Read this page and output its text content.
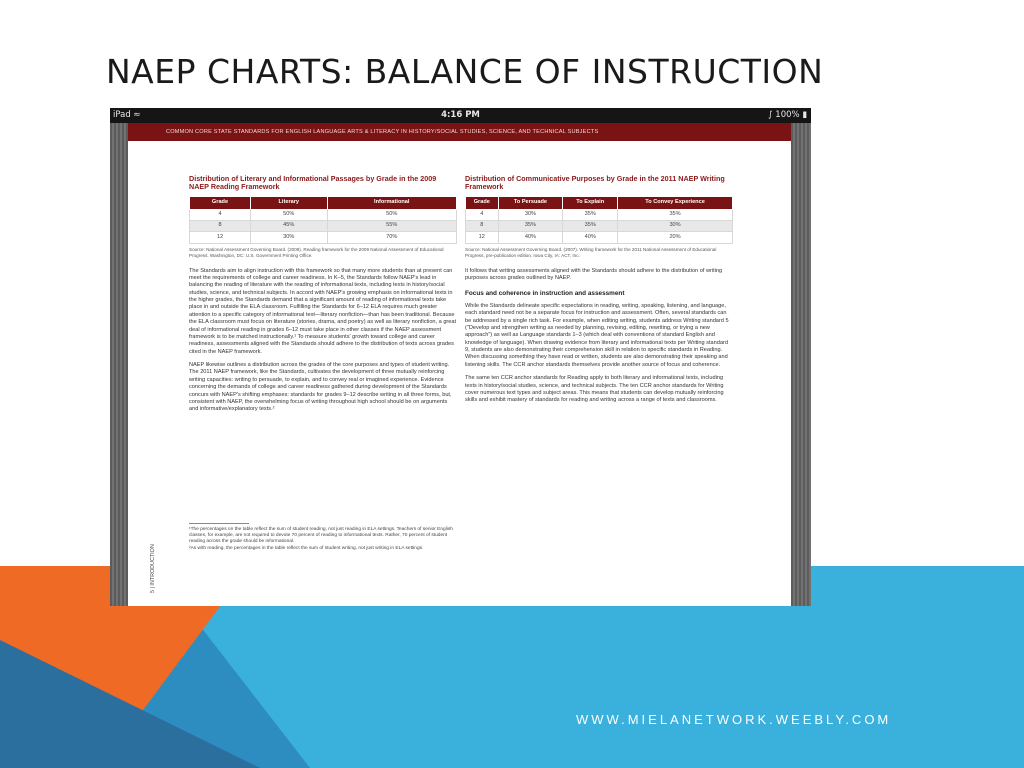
NAEP CHARTS: BALANCE OF INSTRUCTION
iPad ≈	4:16 PM	∫ 100% ▮
COMMON CORE STATE STANDARDS FOR ENGLISH LANGUAGE ARTS & LITERACY IN HISTORY/SOCIAL STUDIES, SCIENCE, AND TECHNICAL SUBJECTS
Distribution of Literary and Informational Passages by Grade in the 2009 NAEP Reading Framework
Grade	Literary	Informational
4	50%	50%
8	45%	55%
12	30%	70%
Source: National Assessment Governing Board. (2008). Reading framework for the 2009 National Assessment of Educational Progress. Washington, DC: U.S. Government Printing Office.

The Standards aim to align instruction with this framework so that many more students than at present can meet the requirements of college and career readiness. In K–5, the Standards follow NAEP's lead in balancing the reading of literature with the reading of informational texts, including texts in history/social studies, science, and technical subjects. In accord with NAEP's growing emphasis on informational texts in the higher grades, the Standards demand that a significant amount of reading of informational texts take place in and outside the ELA classroom. Fulfilling the Standards for 6–12 ELA requires much greater attention to a specific category of informational text—literary nonfiction—than has been traditional. Because the ELA classroom must focus on literature (stories, drama, and poetry) as well as literary nonfiction, a great deal of informational reading in grades 6–12 must take place in other classes if the NAEP assessment framework is to be matched instructionally.¹ To measure students' growth toward college and career readiness, assessments aligned with the Standards should adhere to the distribution of texts across grades cited in the NAEP framework.

NAEP likewise outlines a distribution across the grades of the core purposes and types of student writing. The 2011 NAEP framework, like the Standards, cultivates the development of three mutually reinforcing writing capacities: writing to persuade, to explain, and to convey real or imagined experience. Evidence concerning the demands of college and career readiness gathered during development of the Standards concurs with NAEP's shifting emphases: standards for grades 9–12 describe writing in all three forms, but, consistent with NAEP, the overwhelming focus of writing throughout high school should be on arguments and informative/explanatory texts.²

Distribution of Communicative Purposes by Grade in the 2011 NAEP Writing Framework
Grade	To Persuade	To Explain	To Convey Experience
4	30%	35%	35%
8	35%	35%	30%
12	40%	40%	20%
Source: National Assessment Governing Board. (2007). Writing framework for the 2011 National Assessment of Educational Progress, pre-publication edition. Iowa City, IA: ACT, Inc.

It follows that writing assessments aligned with the Standards should adhere to the distribution of writing purposes across grades outlined by NAEP.

Focus and coherence in instruction and assessment

While the Standards delineate specific expectations in reading, writing, speaking, listening, and language, each standard need not be a separate focus for instruction and assessment. Often, several standards can be addressed by a single rich task. For example, when editing writing, students address Writing standard 5 ("Develop and strengthen writing as needed by planning, revising, editing, rewriting, or trying a new approach") as well as Language standards 1–3 (which deal with conventions of standard English and knowledge of language). When drawing evidence from literary and informational texts per Writing standard 9, students are also demonstrating their comprehension skill in relation to specific standards in Reading. When discussing something they have read or written, students are also demonstrating their speaking and listening skills. The CCR anchor standards themselves provide another source of focus and coherence.

The same ten CCR anchor standards for Reading apply to both literary and informational texts, including texts in history/social studies, science, and technical subjects. The ten CCR anchor standards for Writing cover numerous text types and subject areas. This means that students can develop mutually reinforcing skills and exhibit mastery of standards for reading and writing across a range of texts and classrooms.

5 | INTRODUCTION
¹The percentages on the table reflect the sum of student reading, not just reading in ELA settings. Teachers of senior English classes, for example, are not required to devote 70 percent of reading to informational texts. Rather, 70 percent of student reading across the grade should be informational.
²As with reading, the percentages in the table reflect the sum of student writing, not just writing in ELA settings.
WWW.MIELANETWORK.WEEBLY.COM
